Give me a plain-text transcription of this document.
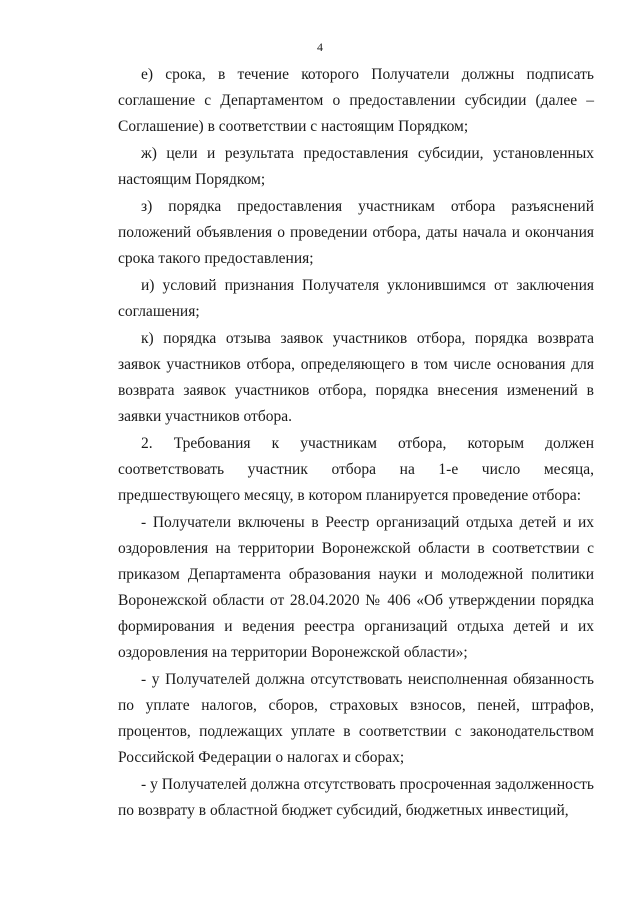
4

е) срока, в течение которого Получатели должны подписать соглашение с Департаментом о предоставлении субсидии (далее – Соглашение) в соответствии с настоящим Порядком;

ж) цели и результата предоставления субсидии, установленных настоящим Порядком;

з) порядка предоставления участникам отбора разъяснений положений объявления о проведении отбора, даты начала и окончания срока такого предоставления;

и) условий признания Получателя уклонившимся от заключения соглашения;

к) порядка отзыва заявок участников отбора, порядка возврата заявок участников отбора, определяющего в том числе основания для возврата заявок участников отбора, порядка внесения изменений в заявки участников отбора.

2. Требования к участникам отбора, которым должен соответствовать участник отбора на 1-е число месяца, предшествующего месяцу, в котором планируется проведение отбора:

- Получатели включены в Реестр организаций отдыха детей и их оздоровления на территории Воронежской области в соответствии с приказом Департамента образования науки и молодежной политики Воронежской области от 28.04.2020 № 406 «Об утверждении порядка формирования и ведения реестра организаций отдыха детей и их оздоровления на территории Воронежской области»;

- у Получателей должна отсутствовать неисполненная обязанность по уплате налогов, сборов, страховых взносов, пеней, штрафов, процентов, подлежащих уплате в соответствии с законодательством Российской Федерации о налогах и сборах;

- у Получателей должна отсутствовать просроченная задолженность по возврату в областной бюджет субсидий, бюджетных инвестиций,
